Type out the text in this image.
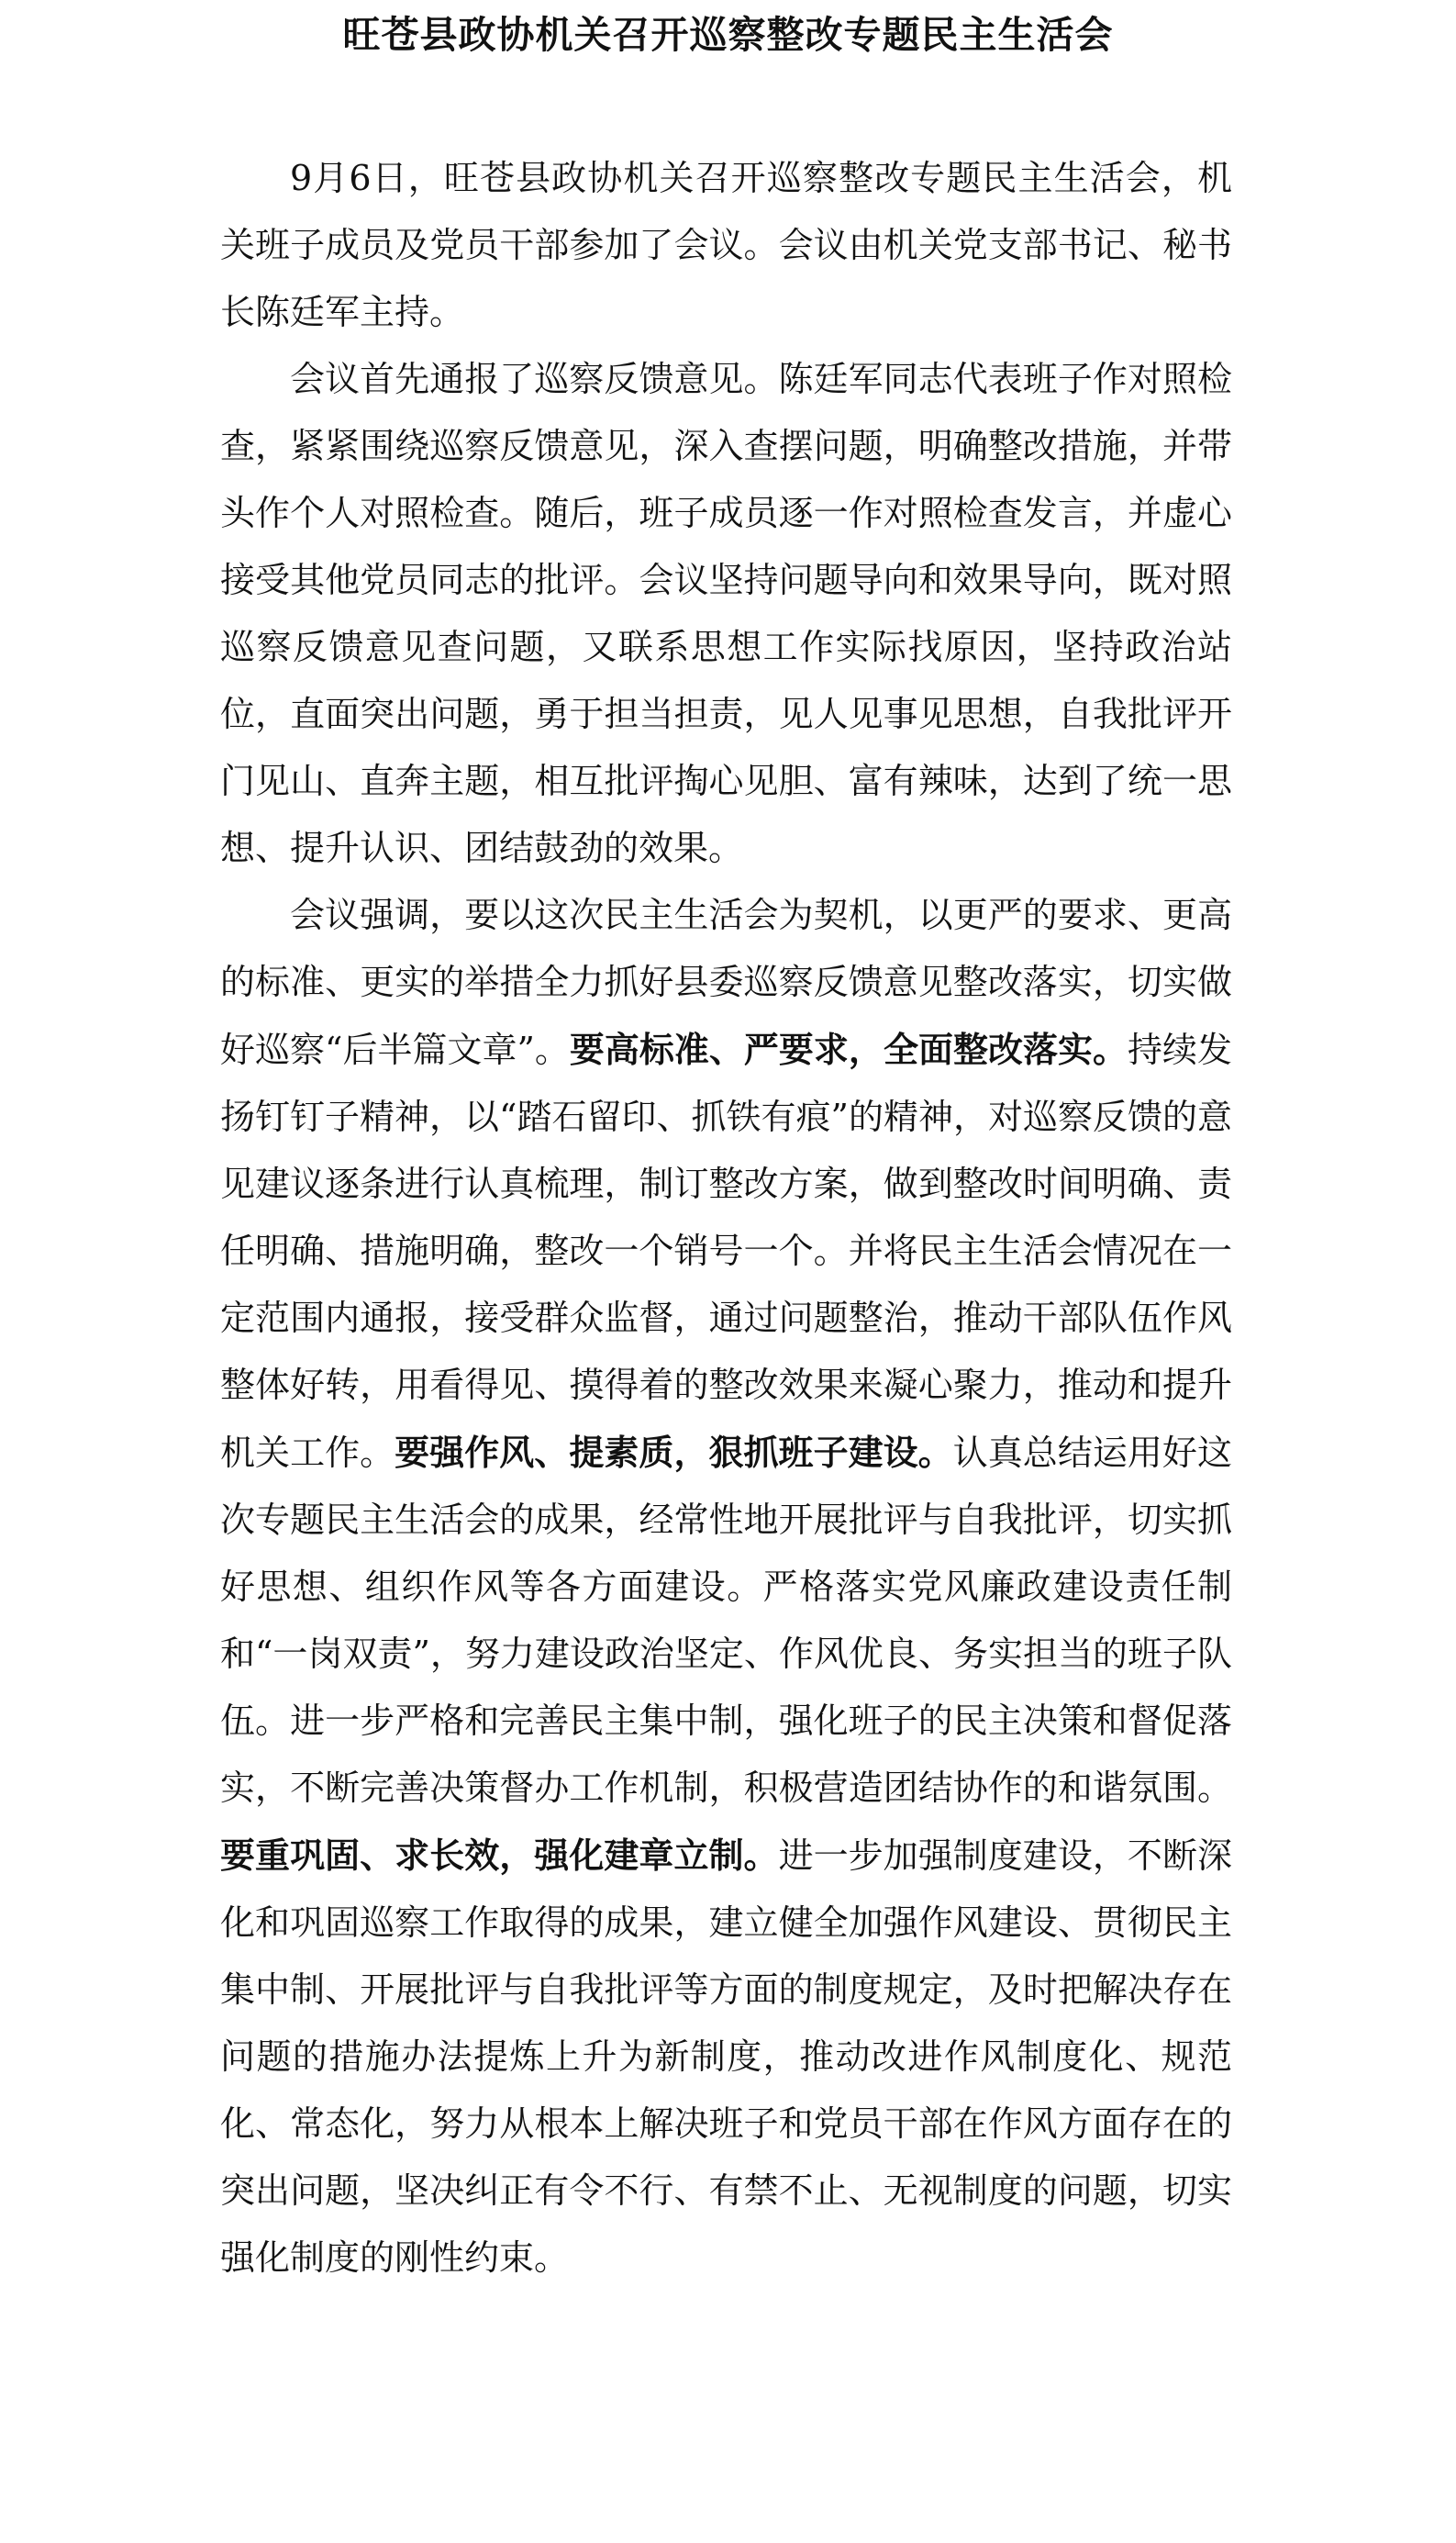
旺苍县政协机关召开巡察整改专题民主生活会

9月6日，旺苍县政协机关召开巡察整改专题民主生活会，机关班子成员及党员干部参加了会议。会议由机关党支部书记、秘书长陈廷军主持。

会议首先通报了巡察反馈意见。陈廷军同志代表班子作对照检查，紧紧围绕巡察反馈意见，深入查摆问题，明确整改措施，并带头作个人对照检查。随后，班子成员逐一作对照检查发言，并虚心接受其他党员同志的批评。会议坚持问题导向和效果导向，既对照巡察反馈意见查问题，又联系思想工作实际找原因，坚持政治站位，直面突出问题，勇于担当担责，见人见事见思想，自我批评开门见山、直奔主题，相互批评掏心见胆、富有辣味，达到了统一思想、提升认识、团结鼓劲的效果。

会议强调，要以这次民主生活会为契机，以更严的要求、更高的标准、更实的举措全力抓好县委巡察反馈意见整改落实，切实做好巡察“后半篇文章”。要高标准、严要求，全面整改落实。持续发扬钉钉子精神，以“踏石留印、抓铁有痕”的精神，对巡察反馈的意见建议逐条进行认真梳理，制订整改方案，做到整改时间明确、责任明确、措施明确，整改一个销号一个。并将民主生活会情况在一定范围内通报，接受群众监督，通过问题整治，推动干部队伍作风整体好转，用看得见、摸得着的整改效果来凝心聚力，推动和提升机关工作。要强作风、提素质，狠抓班子建设。认真总结运用好这次专题民主生活会的成果，经常性地开展批评与自我批评，切实抓好思想、组织作风等各方面建设。严格落实党风廉政建设责任制和“一岗双责”，努力建设政治坚定、作风优良、务实担当的班子队伍。进一步严格和完善民主集中制，强化班子的民主决策和督促落实，不断完善决策督办工作机制，积极营造团结协作的和谐氛围。要重巩固、求长效，强化建章立制。进一步加强制度建设，不断深化和巩固巡察工作取得的成果，建立健全加强作风建设、贯彻民主集中制、开展批评与自我批评等方面的制度规定，及时把解决存在问题的措施办法提炼上升为新制度，推动改进作风制度化、规范化、常态化，努力从根本上解决班子和党员干部在作风方面存在的突出问题，坚决纠正有令不行、有禁不止、无视制度的问题，切实强化制度的刚性约束。
